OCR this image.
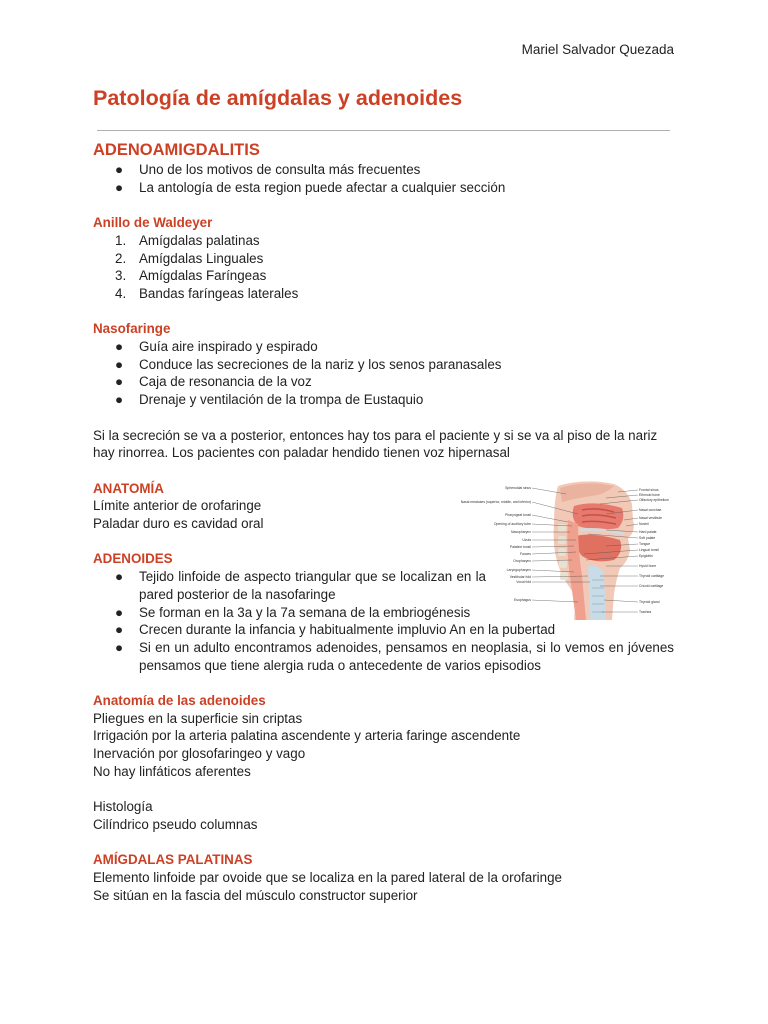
Mariel Salvador Quezada
Patología de amígdalas y adenoides
ADENOAMIGDALITIS
●	Uno de los motivos de consulta más frecuentes
●	La antología de esta region puede afectar a cualquier sección
Anillo de Waldeyer
1. Amígdalas palatinas
2. Amígdalas Linguales
3. Amígdalas Faríngeas
4. Bandas faríngeas laterales
Nasofaringe
●	Guía aire inspirado y espirado
●	Conduce las secreciones de la nariz y los senos paranasales
●	Caja de resonancia de la voz
●	Drenaje y ventilación de la trompa de Eustaquio

Si la secreción se va a posterior, entonces hay tos para el paciente y si se va al piso de la nariz hay rinorrea. Los pacientes con paladar hendido tienen voz hipernasal

ANATOMÍA

Límite anterior de orofaringe

Paladar duro es cavidad oral

ADENOIDES
●	Tejido linfoide de aspecto triangular que se localizan en la pared posterior de la nasofaringe
●	Se forman en la 3a y la 7a semana de la embriogénesis
●	Crecen durante la infancia y habitualmente impluvio An en la pubertad
●	Si en un adulto encontramos adenoides, pensamos en neoplasia, si lo vemos en jóvenes pensamos que tiene alergia ruda o antecedente de varios episodios
Anatomía de las adenoides

Pliegues en la superficie sin criptas

Irrigación por la arteria palatina ascendente y arteria faringe ascendente

Inervación por glosofaringeo y vago

No hay linfáticos aferentes

Histología

Cilíndrico pseudo columnas

AMÍGDALAS PALATINAS

Elemento linfoide par ovoide que se localiza en la pared lateral de la orofaringe

Se sitúan en la fascia del músculo constructor superior

Sphenoidal sinus
Nasal meatuses (superior, middle, and inferior)
Pharyngeal tonsil
Opening of auditory tube
Nasopharynx
Uvula
Palatine tonsil
Fauces
Oropharynx
Laryngopharynx
Vestibular fold
Vocal fold
Esophagus
Frontal sinus
Ethmoid bone
Olfactory epithelium
Nasal conchae
Nasal vestibule
Nostril
Hard palate
Soft palate
Tongue
Lingual tonsil
Epiglottis
Hyoid bone
Thyroid cartilage
Cricoid cartilage
Thyroid gland
Trachea
